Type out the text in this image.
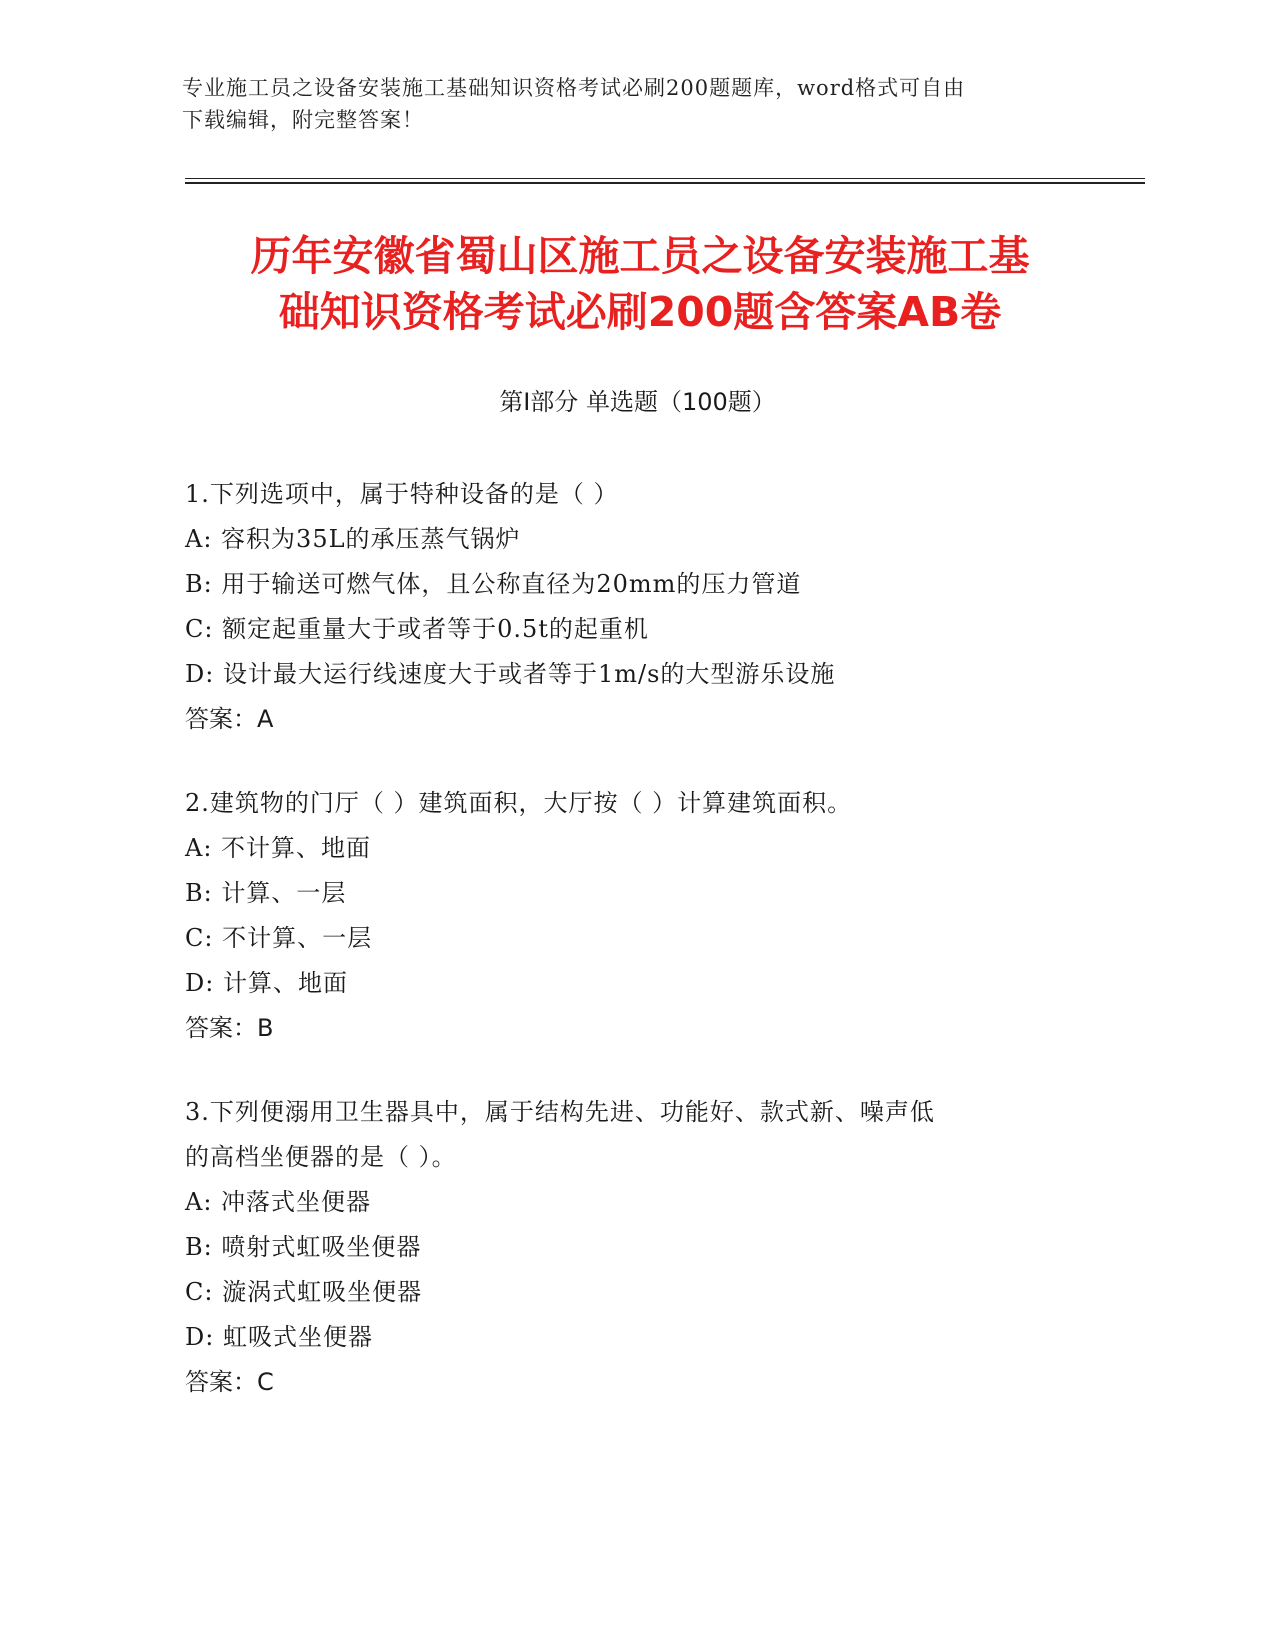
专业施工员之设备安装施工基础知识资格考试必刷200题题库，word格式可自由
下载编辑，附完整答案！
历年安徽省蜀山区施工员之设备安装施工基
础知识资格考试必刷200题含答案AB卷
第Ⅰ部分 单选题（100题）
1.下列选项中，属于特种设备的是（ ）
A: 容积为35L的承压蒸气锅炉
B: 用于输送可燃气体，且公称直径为20mm的压力管道
C: 额定起重量大于或者等于0.5t的起重机
D: 设计最大运行线速度大于或者等于1m/s的大型游乐设施
答案：A
2.建筑物的门厅（ ）建筑面积，大厅按（ ）计算建筑面积。
A: 不计算、地面
B: 计算、一层
C: 不计算、一层
D: 计算、地面
答案：B
3.下列便溺用卫生器具中，属于结构先进、功能好、款式新、噪声低
的高档坐便器的是（ ）。
A: 冲落式坐便器
B: 喷射式虹吸坐便器
C: 漩涡式虹吸坐便器
D: 虹吸式坐便器
答案：C
